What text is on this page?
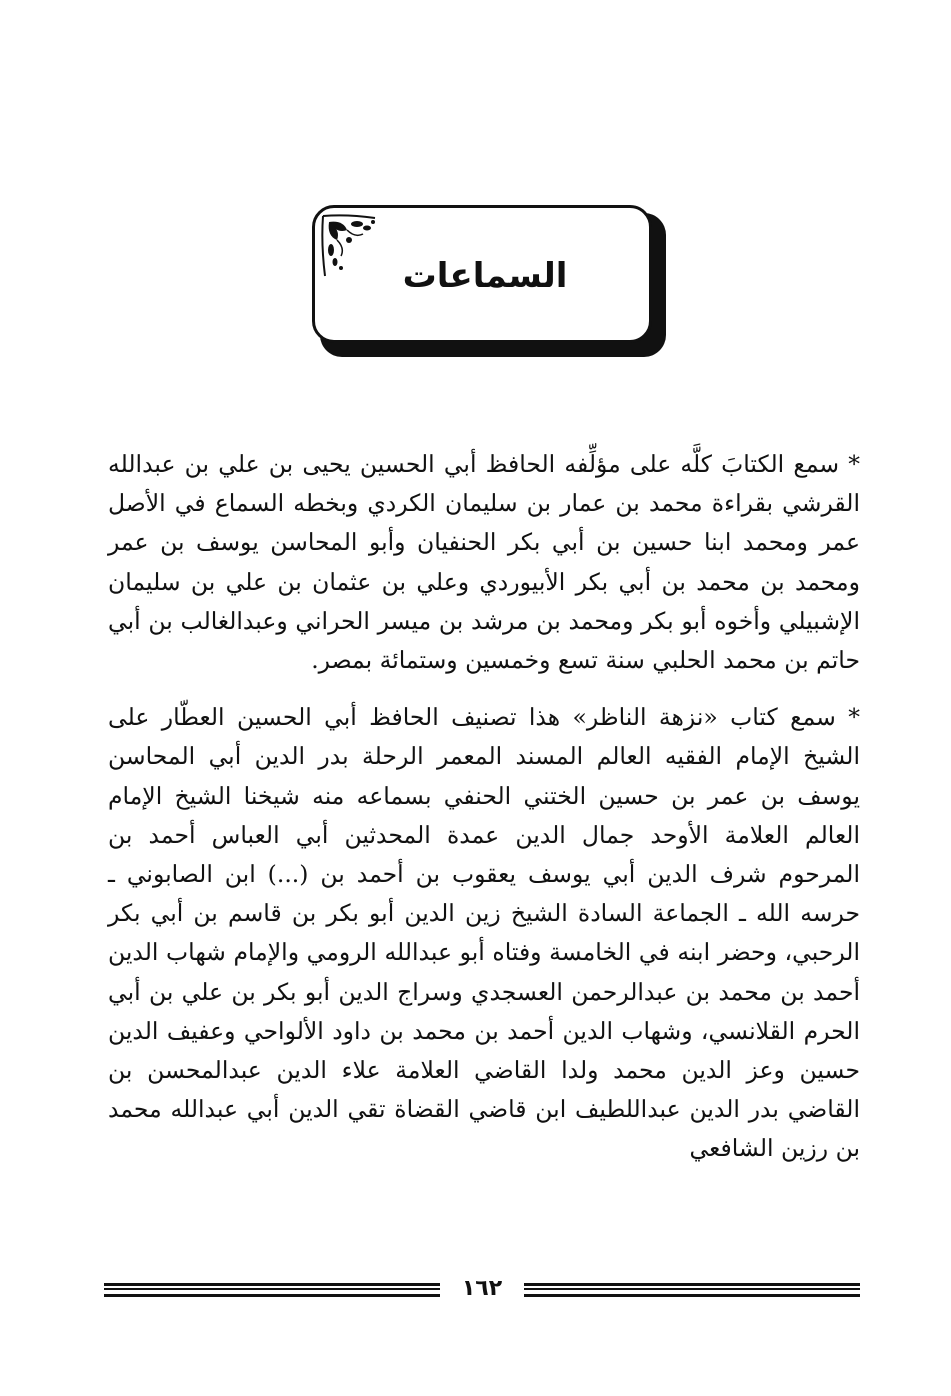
السماعات

* سمع الكتابَ كلَّه على مؤلِّفه الحافظ أبي الحسين يحيى بن علي بن عبدالله القرشي بقراءة محمد بن عمار بن سليمان الكردي وبخطه السماع في الأصل عمر ومحمد ابنا حسين بن أبي بكر الحنفيان وأبو المحاسن يوسف بن عمر ومحمد بن محمد بن أبي بكر الأبيوردي وعلي بن عثمان بن علي بن سليمان الإشبيلي وأخوه أبو بكر ومحمد بن مرشد بن ميسر الحراني وعبدالغالب بن أبي حاتم بن محمد الحلبي سنة تسع وخمسين وستمائة بمصر.

* سمع كتاب «نزهة الناظر» هذا تصنيف الحافظ أبي الحسين العطّار على الشيخ الإمام الفقيه العالم المسند المعمر الرحلة بدر الدين أبي المحاسن يوسف بن عمر بن حسين الختني الحنفي بسماعه منه شيخنا الشيخ الإمام العالم العلامة الأوحد جمال الدين عمدة المحدثين أبي العباس أحمد بن المرحوم شرف الدين أبي يوسف يعقوب بن أحمد بن (...) ابن الصابوني ـ حرسه الله ـ الجماعة السادة الشيخ زين الدين أبو بكر بن قاسم بن أبي بكر الرحبي، وحضر ابنه في الخامسة وفتاه أبو عبدالله الرومي والإمام شهاب الدين أحمد بن محمد بن عبدالرحمن العسجدي وسراج الدين أبو بكر بن علي بن أبي الحرم القلانسي، وشهاب الدين أحمد بن محمد بن داود الألواحي وعفيف الدين حسين وعز الدين محمد ولدا القاضي العلامة علاء الدين عبدالمحسن بن القاضي بدر الدين عبداللطيف ابن قاضي القضاة تقي الدين أبي عبدالله محمد بن رزين الشافعي

١٦٢
